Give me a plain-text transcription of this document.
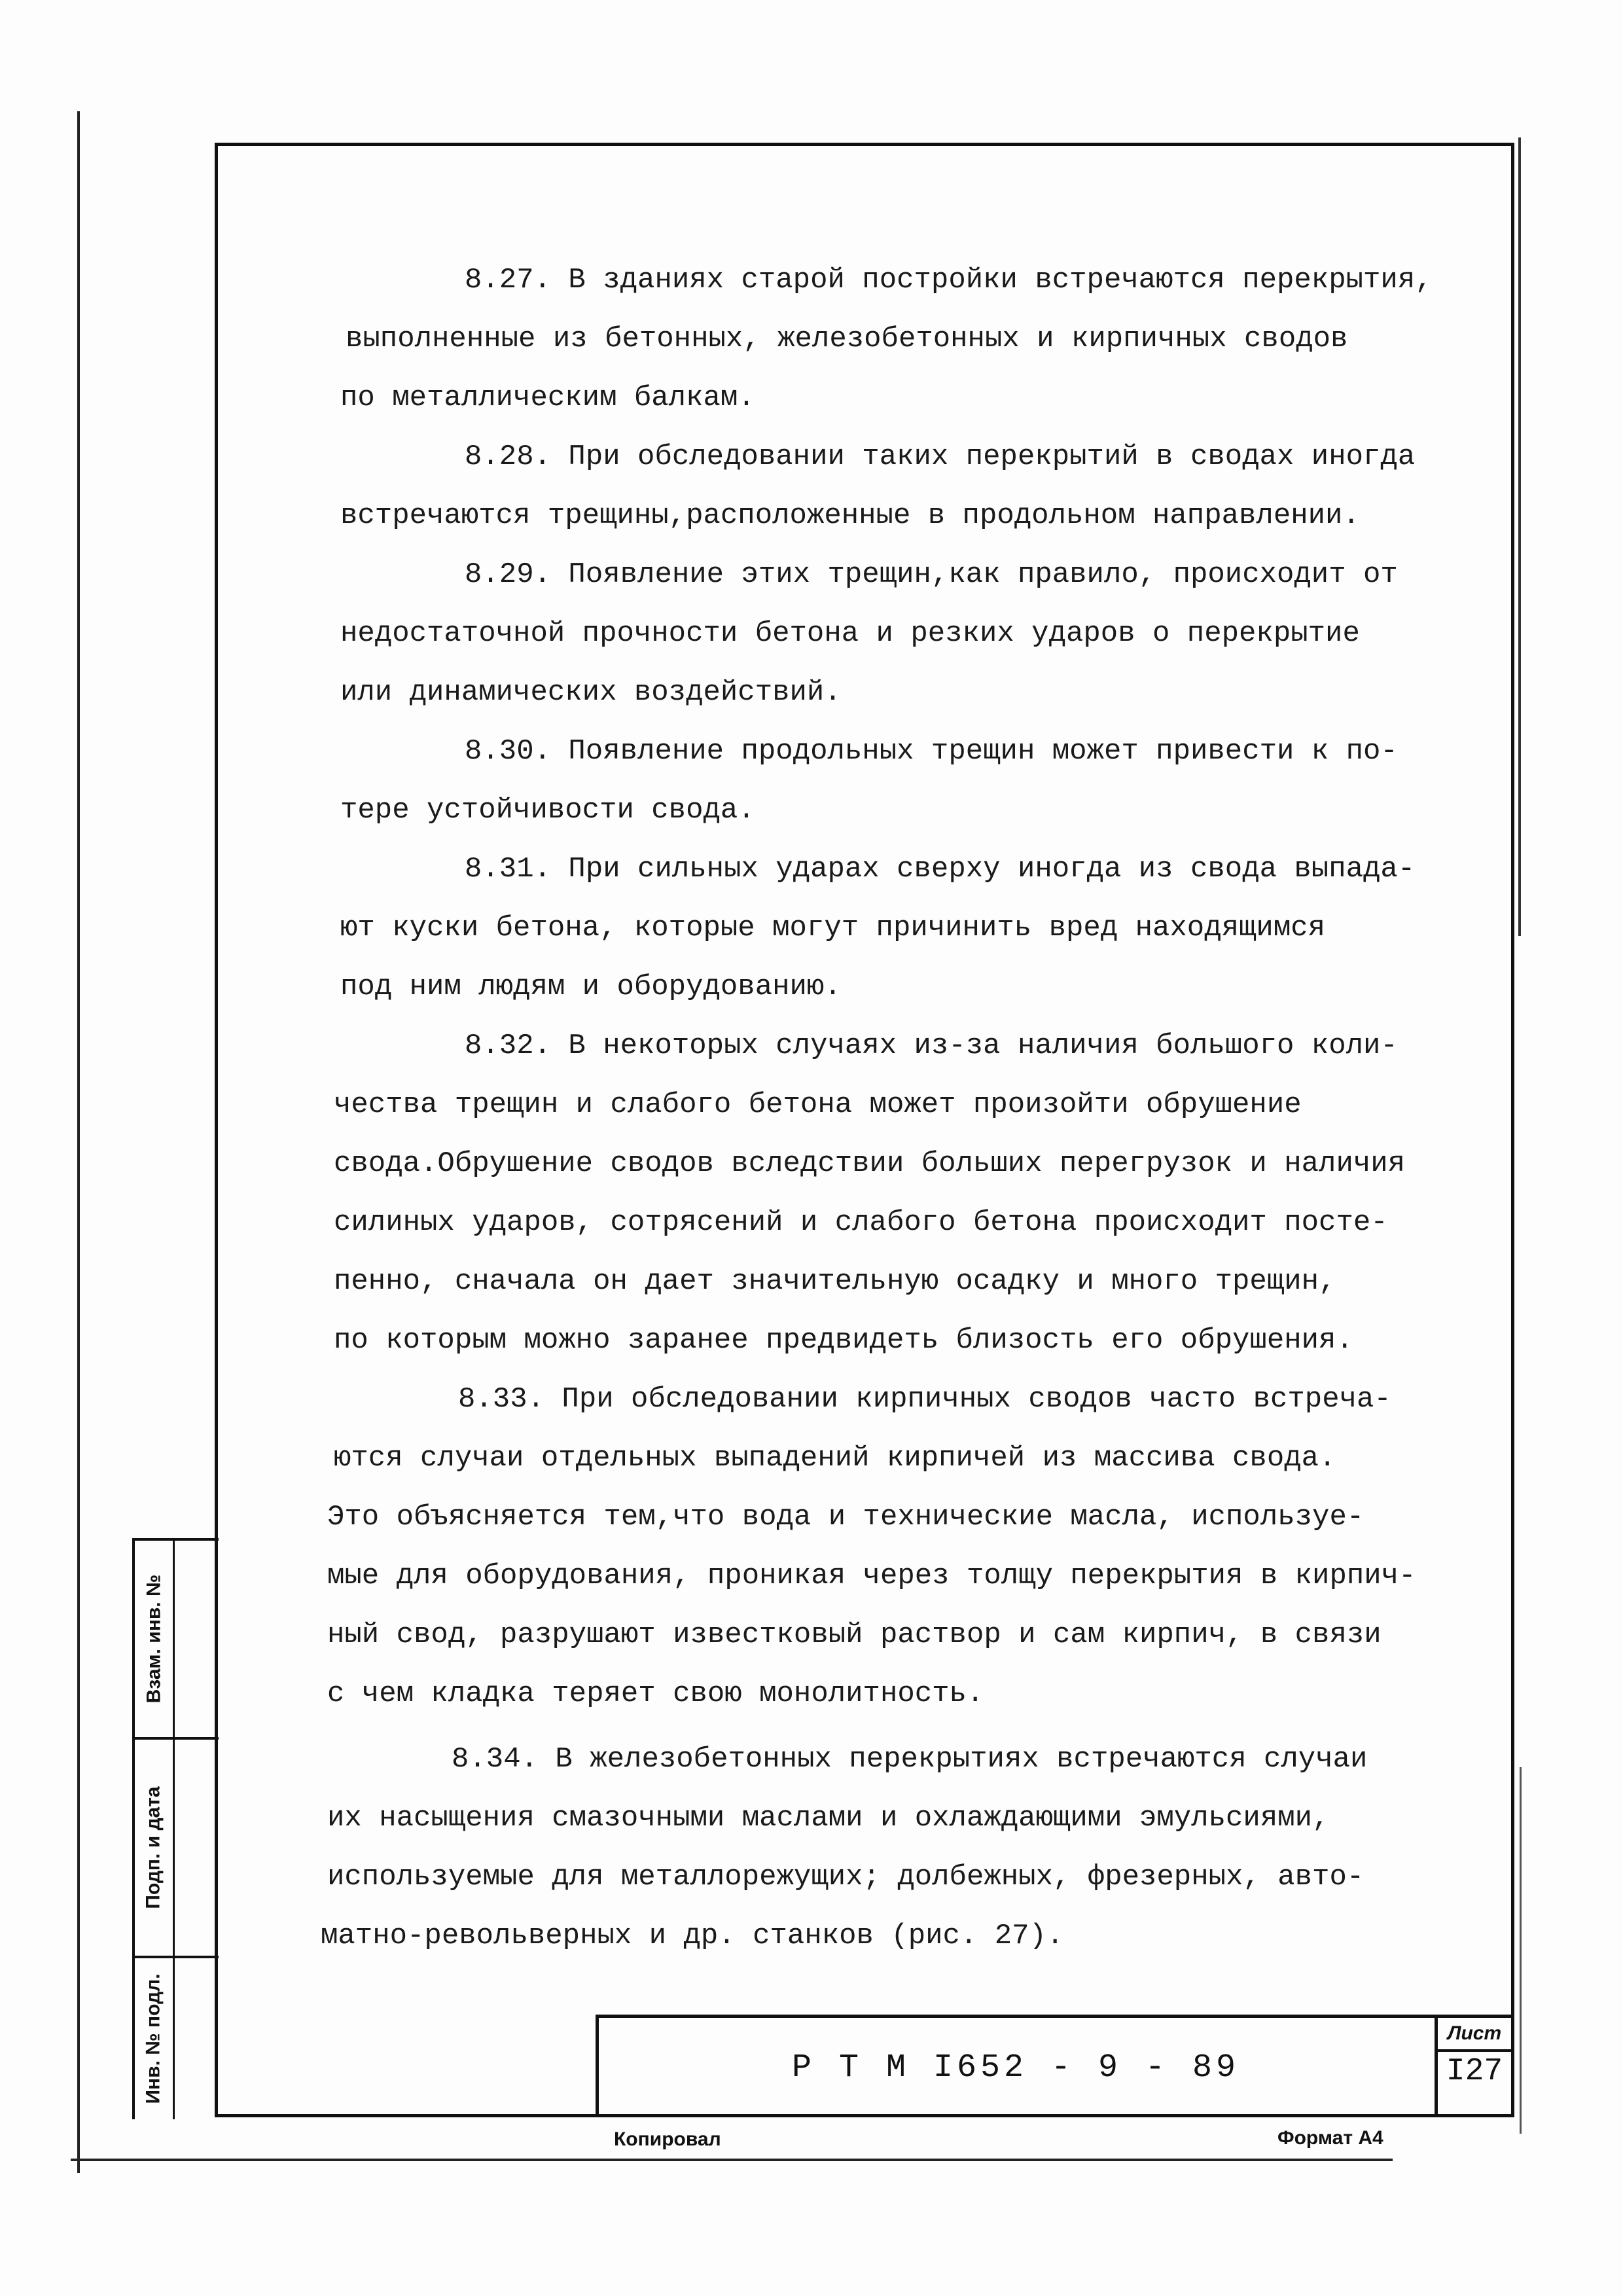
Взам. инв. №
Подп. и дата
Инв. № подл.
8.27. В зданиях старой постройки встречаются перекрытия,
выполненные из бетонных, железобетонных и кирпичных сводов
по металлическим балкам.
8.28. При обследовании таких перекрытий в сводах иногда
встречаются трещины,расположенные в продольном направлении.
8.29. Появление этих трещин,как правило, происходит от
недостаточной прочности бетона и резких ударов о перекрытие
или динамических воздействий.
8.30. Появление продольных трещин может привести к по-
тере устойчивости свода.
8.31. При сильных ударах сверху иногда из свода выпада-
ют куски бетона, которые могут причинить вред находящимся
под ним людям и оборудованию.
8.32. В некоторых случаях из-за наличия большого коли-
чества трещин и слабого бетона может произойти обрушение
свода.Обрушение сводов вследствии больших перегрузок и наличия
силиных ударов, сотрясений и слабого бетона происходит посте-
пенно, сначала он дает значительную осадку и много трещин,
по которым можно заранее предвидеть близость его обрушения.
8.33. При обследовании кирпичных сводов часто встреча-
ются случаи отдельных выпадений кирпичей из массива свода.
Это объясняется тем,что вода и технические масла, используе-
мые для оборудования, проникая через толщу перекрытия в кирпич-
ный свод, разрушают известковый раствор и сам кирпич, в связи
с чем кладка теряет свою монолитность.
8.34. В железобетонных перекрытиях встречаются случаи
их насыщения смазочными маслами и охлаждающими эмульсиями,
используемые для металлорежущих; долбежных, фрезерных, авто-
матно-револьверных и др. станков (рис. 27).
Р Т М I652 - 9 - 89
Лист
I27
Копировал	Формат А4
